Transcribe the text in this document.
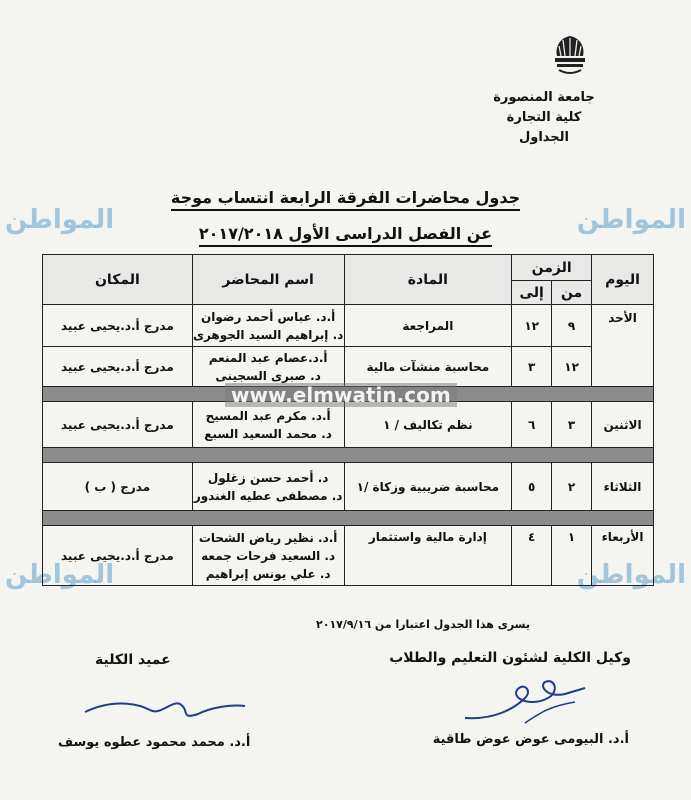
جامعة المنصورة
كلية التجارة
الجداول
جدول محاضرات الفرقة الرابعة انتساب موجة
عن الفصل الدراسى الأول ٢٠١٧/٢٠١٨
المواطن	المواطن
المواطن	المواطن
اليوم	الزمن		المادة	اسم المحاضر	المكان
	من	إلى			
الأحد	٩	١٢	المراجعة	أ.د. عباس أحمد رضوان
د. إبراهيم السيد الجوهرى	مدرج أ.د.يحيى عبيد
	١٢	٣	محاسبة منشآت مالية	أ.د.عصام عبد المنعم
د. صبرى السجينى	مدرج أ.د.يحيى عبيد

الاثنين	٣	٦	نظم تكاليف / ١	أ.د. مكرم عبد المسيح
د. محمد السعيد السبع	مدرج أ.د.يحيى عبيد

الثلاثاء	٢	٥	محاسبة ضريبية وزكاة /١	د. أحمد حسن زغلول
د. مصطفى عطيه الغندور	مدرج ( ب )

الأربعاء	١	٤	إدارة مالية واستثمار	أ.د. نظير رياض الشحات
د. السعيد فرحات جمعه
د. علي يونس إبراهيم	مدرج أ.د.يحيى عبيد
www.elmwatin.com
يسرى هذا الجدول اعتبارا من ٢٠١٧/٩/١٦
وكيل الكلية لشئون التعليم والطلاب
عميد الكلية
أ.د. البيومى عوض عوض طاقية
أ.د. محمد محمود عطوه يوسف
